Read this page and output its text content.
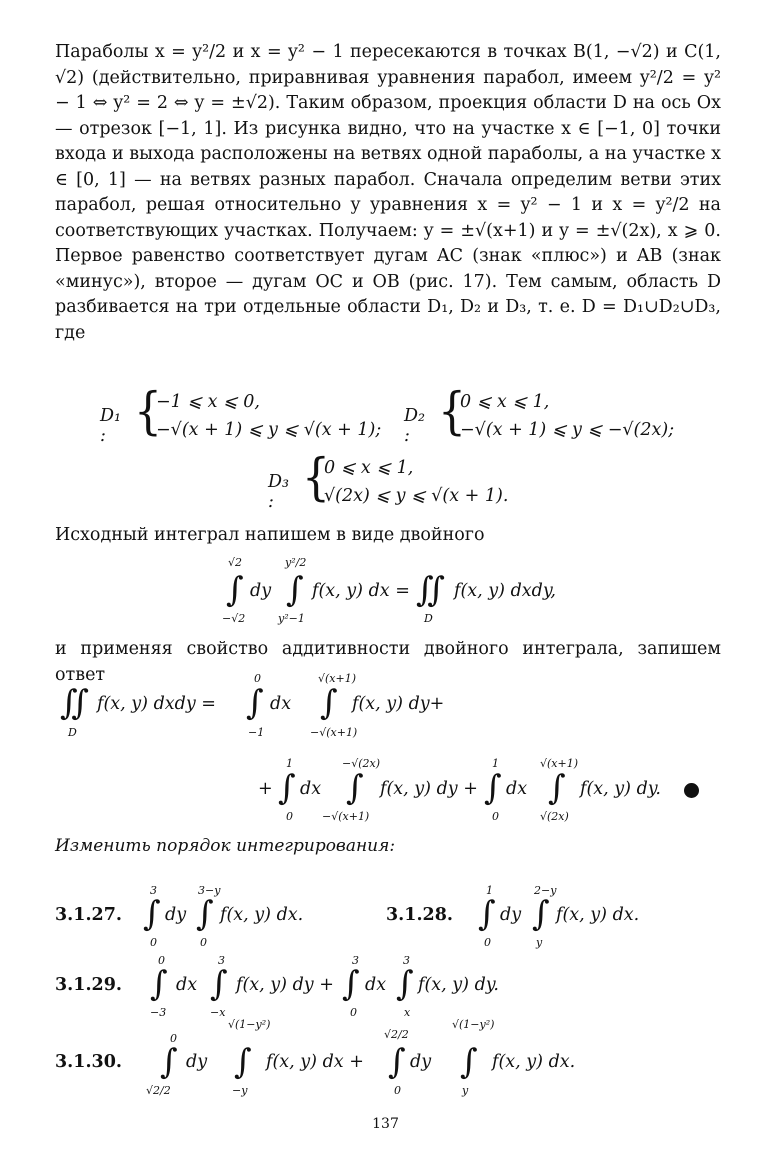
Параболы x = y²/2 и x = y² − 1 пересекаются в точках B(1, −√2) и C(1, √2) (действительно, приравнивая уравнения парабол, имеем y²/2 = y² − 1 ⇔ y² = 2 ⇔ y = ±√2). Таким образом, проекция области D на ось Ox — отрезок [−1, 1]. Из рисунка видно, что на участке x ∈ [−1, 0] точки входа и выхода расположены на ветвях одной параболы, а на участке x ∈ [0, 1] — на ветвях разных парабол. Сначала определим ветви этих парабол, решая относительно y уравнения x = y² − 1 и x = y²/2 на соответствующих участках. Получаем: y = ±√(x+1) и y = ±√(2x), x ⩾ 0. Первое равенство соответствует дугам AC (знак «плюс») и AB (знак «минус»), второе — дугам OC и OB (рис. 17). Тем самым, область D разбивается на три отдельные области D₁, D₂ и D₃, т. е. D = D₁∪D₂∪D₃, где
D₁ : {
−1 ⩽ x ⩽ 0,
−√(x + 1) ⩽ y ⩽ √(x + 1);
D₂ : {
0 ⩽ x ⩽ 1,
−√(x + 1) ⩽ y ⩽ −√(2x);
D₃ : {
0 ⩽ x ⩽ 1,
√(2x) ⩽ y ⩽ √(x + 1).
Исходный интеграл напишем в виде двойного
√2
∫
−√2
dy
y²/2
∫
y²−1
f(x, y) dx = ∬
D
f(x, y) dxdy,
и применяя свойство аддитивности двойного интеграла, запишем ответ
∬
D
f(x, y) dxdy =
0
∫
−1
dx
√(x+1)
∫
−√(x+1)
f(x, y) dy+
+
1
∫
0
dx
−√(2x)
∫
−√(x+1)
f(x, y) dy +
1
∫
0
dx
√(x+1)
∫
√(2x)
f(x, y) dy.
Изменить порядок интегрирования:
3.1.27.
3
∫
0
dy
3−y
∫
0
f(x, y) dx.	3.1.28.
1
∫
0
dy
2−y
∫
y
f(x, y) dx.
3.1.29.
0
∫
−3
dx
3
∫
−x
f(x, y) dy +
3
∫
0
dx
3
∫
x
f(x, y) dy.
3.1.30.
0
∫
√2/2
dy
√(1−y²)
∫
−y
f(x, y) dx +
√2/2
∫
0
dy
√(1−y²)
∫
y
f(x, y) dx.
137
